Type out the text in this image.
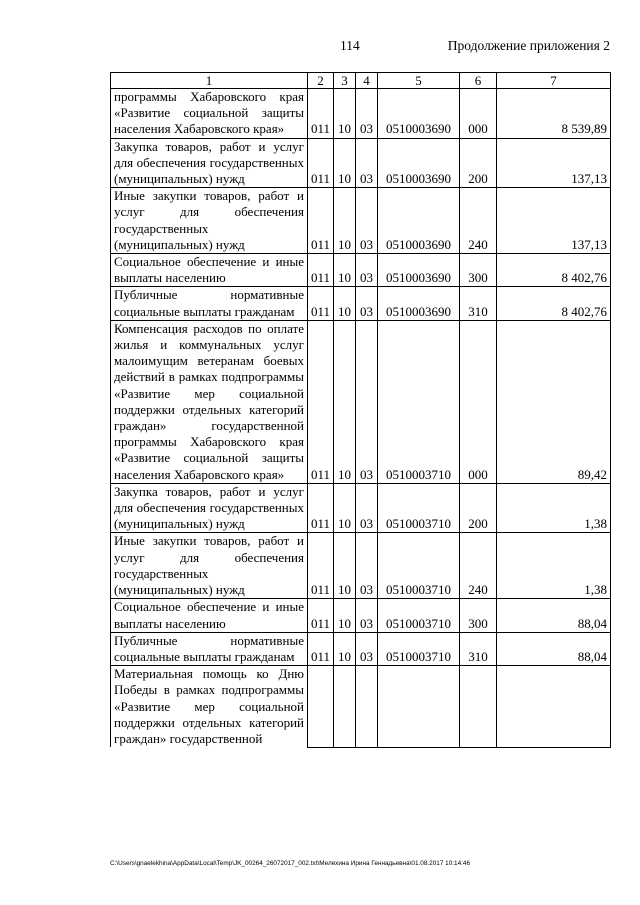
114	Продолжение приложения 2
1	2	3	4	5	6	7
программы Хабаровского края «Развитие социальной защиты населения Хабаровского края»	011	10	03	0510003690	000	8 539,89
Закупка товаров, работ и услуг для обеспечения государственных (муниципальных) нужд	011	10	03	0510003690	200	137,13
Иные закупки товаров, работ и услуг для обеспечения государственных (муниципальных) нужд	011	10	03	0510003690	240	137,13
Социальное обеспечение и иные выплаты населению	011	10	03	0510003690	300	8 402,76
Публичные нормативные социальные выплаты гражданам	011	10	03	0510003690	310	8 402,76
Компенсация расходов по оплате жилья и коммунальных услуг малоимущим ветеранам боевых действий в рамках подпрограммы «Развитие мер социальной поддержки отдельных категорий граждан» государственной программы Хабаровского края «Развитие социальной защиты населения Хабаровского края»	011	10	03	0510003710	000	89,42
Закупка товаров, работ и услуг для обеспечения государственных (муниципальных) нужд	011	10	03	0510003710	200	1,38
Иные закупки товаров, работ и услуг для обеспечения государственных (муниципальных) нужд	011	10	03	0510003710	240	1,38
Социальное обеспечение и иные выплаты населению	011	10	03	0510003710	300	88,04
Публичные нормативные социальные выплаты гражданам	011	10	03	0510003710	310	88,04
Материальная помощь ко Дню Победы в рамках подпрограммы «Развитие мер социальной поддержки отдельных категорий граждан» государственной						
C:\Users\gnaelekhina\AppData\Local\Temp\JK_00264_26072017_002.txt\Мелехина Ирина Геннадьевна\01.08.2017 10:14:46
